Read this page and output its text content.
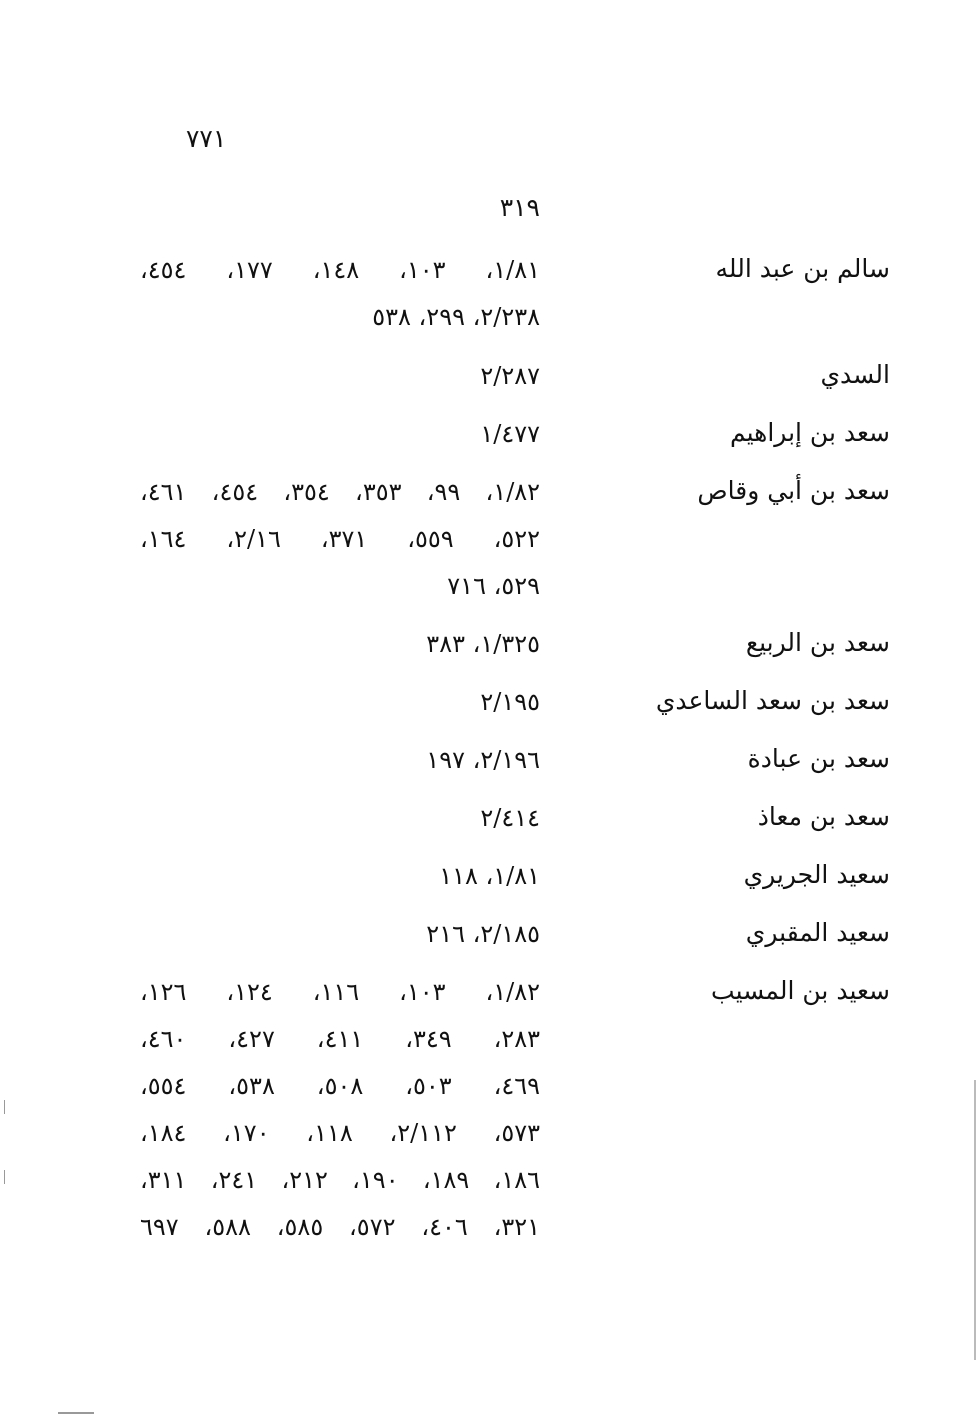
٧٧١
٣١٩
سالم بن عبد الله
١/٨١، ١٠٣، ١٤٨، ١٧٧، ٤٥٤،
٢/٢٣٨، ٢٩٩، ٥٣٨
السدي
٢/٢٨٧
سعد بن إبراهيم
١/٤٧٧
سعد بن أبي وقاص
١/٨٢، ٩٩، ٣٥٣، ٣٥٤، ٤٥٤، ٤٦١،
٥٢٢، ٥٥٩، ٣٧١، ٢/١٦، ١٦٤،
٥٢٩، ٧١٦
سعد بن الربيع
١/٣٢٥، ٣٨٣
سعد بن سعد الساعدي
٢/١٩٥
سعد بن عبادة
٢/١٩٦، ١٩٧
سعد بن معاذ
٢/٤١٤
سعيد الجريري
١/٨١، ١١٨
سعيد المقبري
٢/١٨٥، ٢١٦
سعيد بن المسيب
١/٨٢، ١٠٣، ١١٦، ١٢٤، ١٢٦،
٢٨٣، ٣٤٩، ٤١١، ٤٢٧، ٤٦٠،
٤٦٩، ٥٠٣، ٥٠٨، ٥٣٨، ٥٥٤،
٥٧٣، ٢/١١٢، ١١٨، ١٧٠، ١٨٤،
١٨٦، ١٨٩، ١٩٠، ٢١٢، ٢٤١، ٣١١،
٣٢١، ٤٠٦، ٥٧٢، ٥٨٥، ٥٨٨، ٦٩٧
